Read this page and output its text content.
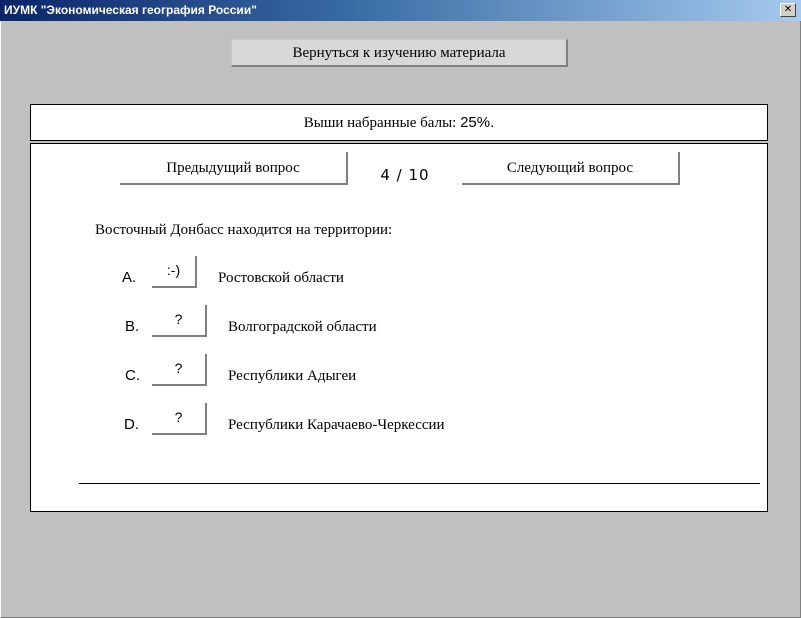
ИУМК "Экономическая география России"	✕
Вернуться к изучению материала
Выши набранные балы: 25%.
Предыдущий вопрос	4 / 10	Следующий вопрос
Восточный Донбасс находится на территории:
A.	:-)	Ростовской области
B.	?	Волгоградской области
C.	?	Республики Адыгеи
D.	?	Республики Карачаево-Черкессии
